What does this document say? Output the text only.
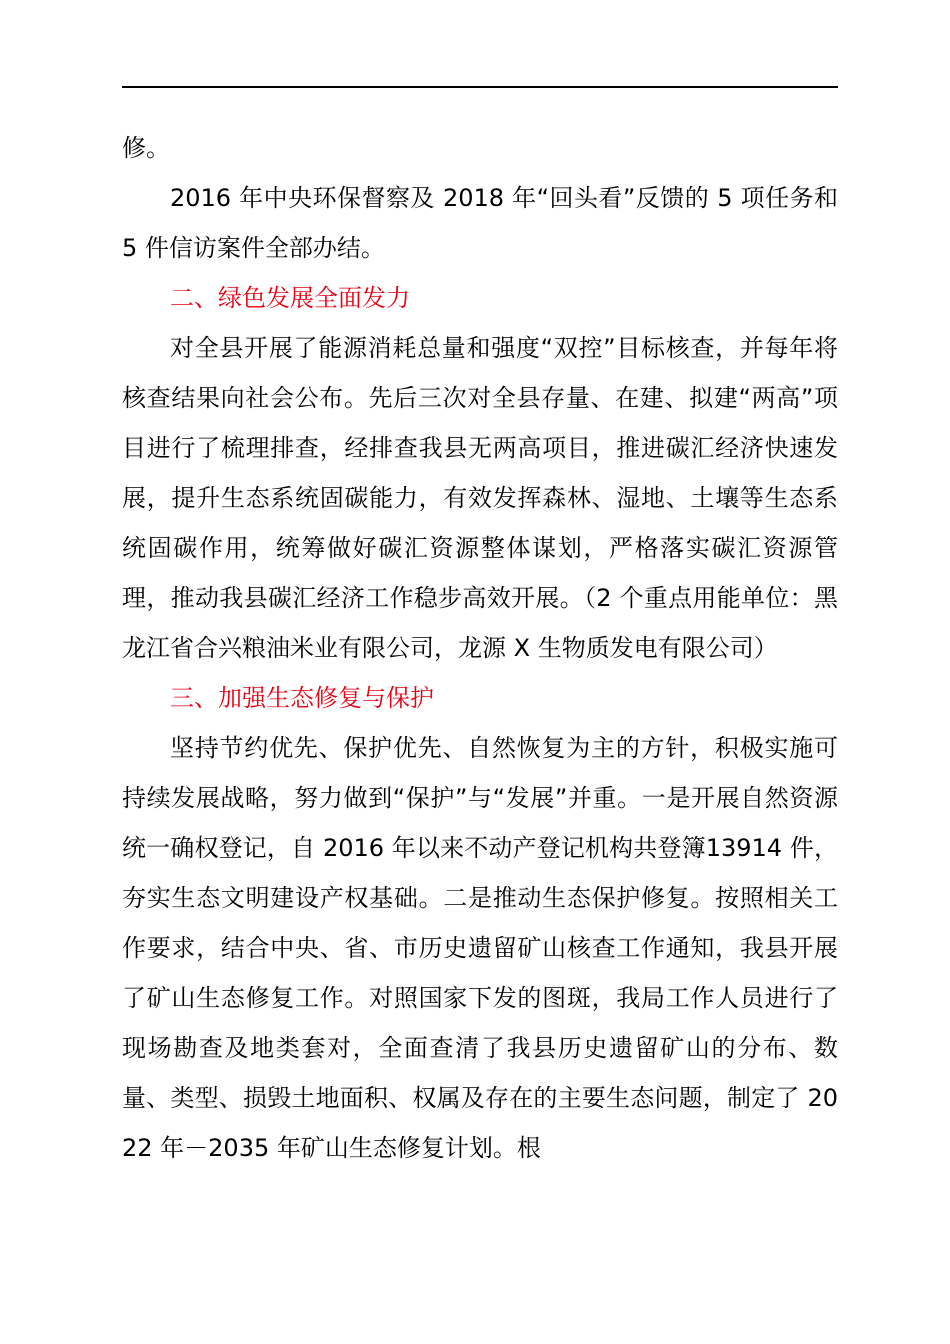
修。

2016 年中央环保督察及 2018 年“回头看”反馈的 5 项任务和 5 件信访案件全部办结。

二、绿色发展全面发力

对全县开展了能源消耗总量和强度“双控”目标核查，并每年将核查结果向社会公布。先后三次对全县存量、在建、拟建“两高”项目进行了梳理排查，经排查我县无两高项目，推进碳汇经济快速发展，提升生态系统固碳能力，有效发挥森林、湿地、土壤等生态系统固碳作用，统筹做好碳汇资源整体谋划，严格落实碳汇资源管理，推动我县碳汇经济工作稳步高效开展。（2 个重点用能单位：黑龙江省合兴粮油米业有限公司，龙源 X 生物质发电有限公司）

三、加强生态修复与保护

坚持节约优先、保护优先、自然恢复为主的方针，积极实施可持续发展战略，努力做到“保护”与“发展”并重。一是开展自然资源统一确权登记，自 2016 年以来不动产登记机构共登簿13914 件，夯实生态文明建设产权基础。二是推动生态保护修复。按照相关工作要求，结合中央、省、市历史遗留矿山核查工作通知，我县开展了矿山生态修复工作。对照国家下发的图斑，我局工作人员进行了现场勘查及地类套对，全面查清了我县历史遗留矿山的分布、数量、类型、损毁土地面积、权属及存在的主要生态问题，制定了 2022 年－2035 年矿山生态修复计划。根
